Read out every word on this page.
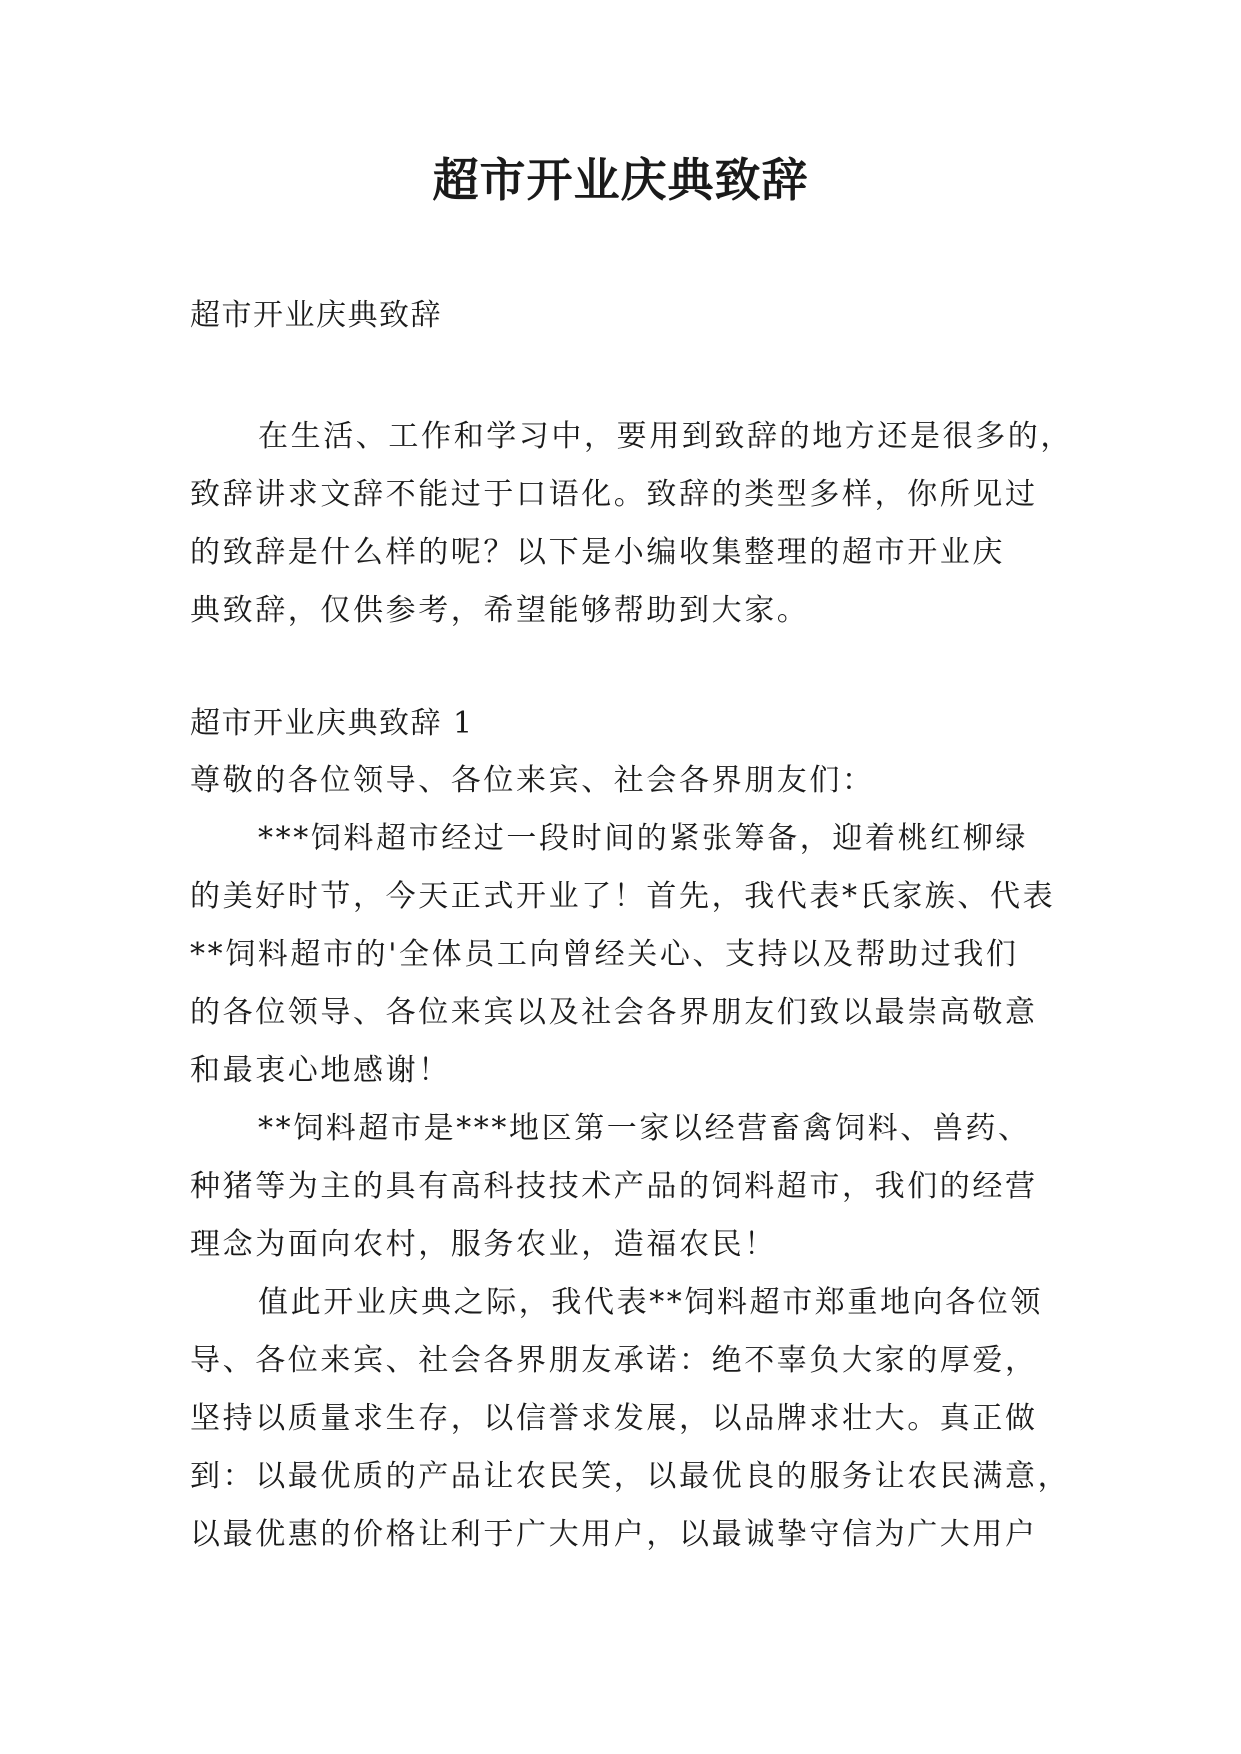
超市开业庆典致辞
超市开业庆典致辞
在生活、工作和学习中，要用到致辞的地方还是很多的，
致辞讲求文辞不能过于口语化。致辞的类型多样，你所见过
的致辞是什么样的呢？以下是小编收集整理的超市开业庆
典致辞，仅供参考，希望能够帮助到大家。
超市开业庆典致辞 1
尊敬的各位领导、各位来宾、社会各界朋友们：
***饲料超市经过一段时间的紧张筹备，迎着桃红柳绿
的美好时节，今天正式开业了！首先，我代表*氏家族、代表
**饲料超市的'全体员工向曾经关心、支持以及帮助过我们
的各位领导、各位来宾以及社会各界朋友们致以最崇高敬意
和最衷心地感谢！
**饲料超市是***地区第一家以经营畜禽饲料、兽药、
种猪等为主的具有高科技技术产品的饲料超市，我们的经营
理念为面向农村，服务农业，造福农民！
值此开业庆典之际，我代表**饲料超市郑重地向各位领
导、各位来宾、社会各界朋友承诺：绝不辜负大家的厚爱，
坚持以质量求生存，以信誉求发展，以品牌求壮大。真正做
到：以最优质的产品让农民笑，以最优良的服务让农民满意，
以最优惠的价格让利于广大用户，以最诚挚守信为广大用户
